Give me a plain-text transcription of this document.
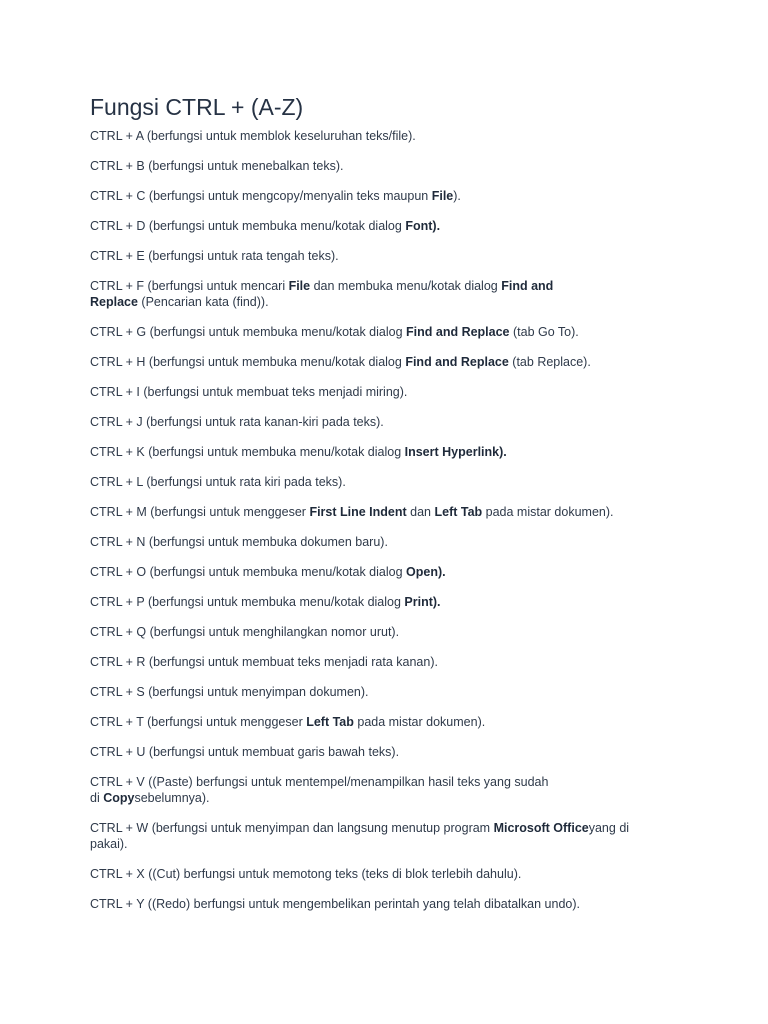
Fungsi CTRL + (A-Z)

CTRL + A (berfungsi untuk memblok keseluruhan teks/file).

CTRL + B (berfungsi untuk menebalkan teks).

CTRL + C (berfungsi untuk mengcopy/menyalin teks maupun File).

CTRL + D (berfungsi untuk membuka menu/kotak dialog Font).

CTRL + E (berfungsi untuk rata tengah teks).

CTRL + F (berfungsi untuk mencari File dan membuka menu/kotak dialog Find and
Replace (Pencarian kata (find)).

CTRL + G (berfungsi untuk membuka menu/kotak dialog Find and Replace (tab Go To).

CTRL + H (berfungsi untuk membuka menu/kotak dialog Find and Replace (tab Replace).

CTRL + I (berfungsi untuk membuat teks menjadi miring).

CTRL + J (berfungsi untuk rata kanan-kiri pada teks).

CTRL + K (berfungsi untuk membuka menu/kotak dialog Insert Hyperlink).

CTRL + L (berfungsi untuk rata kiri pada teks).

CTRL + M (berfungsi untuk menggeser First Line Indent dan Left Tab pada mistar dokumen).

CTRL + N (berfungsi untuk membuka dokumen baru).

CTRL + O (berfungsi untuk membuka menu/kotak dialog Open).

CTRL + P (berfungsi untuk membuka menu/kotak dialog Print).

CTRL + Q (berfungsi untuk menghilangkan nomor urut).

CTRL + R (berfungsi untuk membuat teks menjadi rata kanan).

CTRL + S (berfungsi untuk menyimpan dokumen).

CTRL + T (berfungsi untuk menggeser Left Tab pada mistar dokumen).

CTRL + U (berfungsi untuk membuat garis bawah teks).

CTRL + V ((Paste) berfungsi untuk mentempel/menampilkan hasil teks yang sudah
di Copysebelumnya).

CTRL + W (berfungsi untuk menyimpan dan langsung menutup program Microsoft Officeyang di
pakai).

CTRL + X ((Cut) berfungsi untuk memotong teks (teks di blok terlebih dahulu).

CTRL + Y ((Redo) berfungsi untuk mengembelikan perintah yang telah dibatalkan undo).
